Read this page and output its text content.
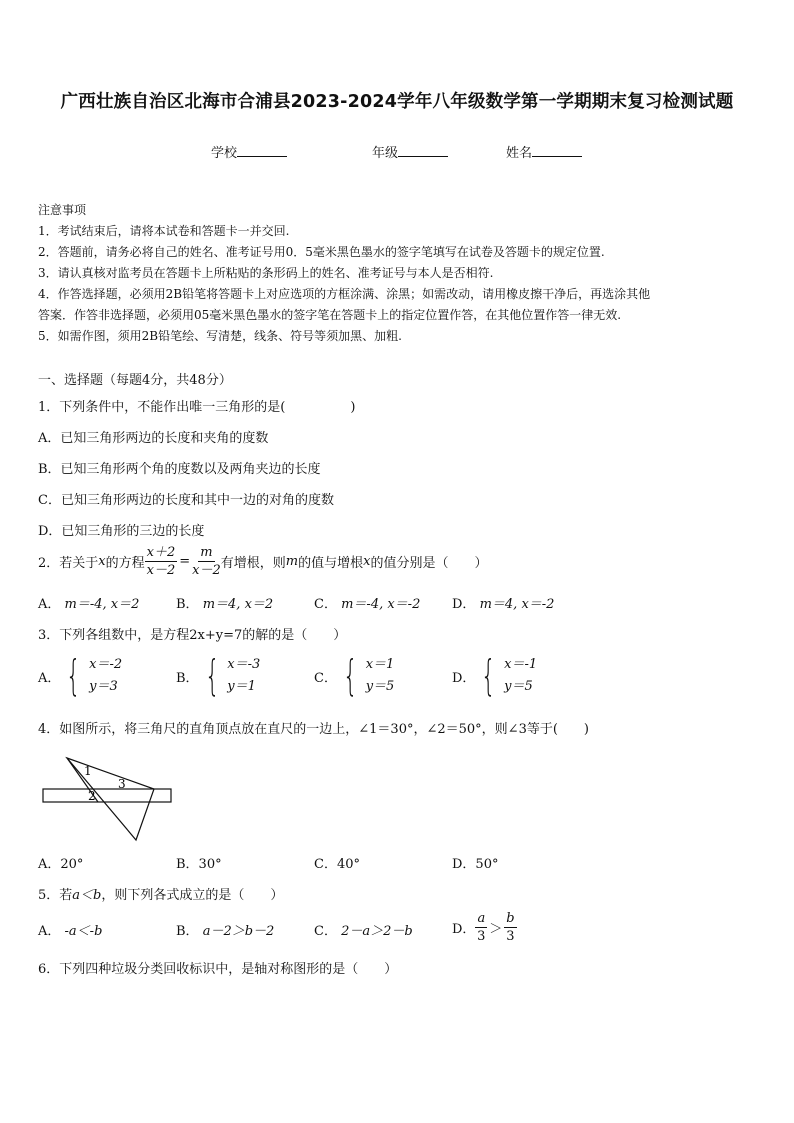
广西壮族自治区北海市合浦县2023-2024学年八年级数学第一学期期末复习检测试题
学校	年级	姓名
注意事项
1．考试结束后，请将本试卷和答题卡一并交回.
2．答题前，请务必将自己的姓名、准考证号用0．5毫米黑色墨水的签字笔填写在试卷及答题卡的规定位置.
3．请认真核对监考员在答题卡上所粘贴的条形码上的姓名、准考证号与本人是否相符.
4．作答选择题，必须用2B铅笔将答题卡上对应选项的方框涂满、涂黑；如需改动，请用橡皮擦干净后，再选涂其他
答案．作答非选择题，必须用05毫米黑色墨水的签字笔在答题卡上的指定位置作答，在其他位置作答一律无效.
5．如需作图，须用2B铅笔绘、写清楚，线条、符号等须加黑、加粗.
一、选择题（每题4分，共48分）
1．下列条件中，不能作出唯一三角形的是(　　　　　)
A．已知三角形两边的长度和夹角的度数
B．已知三角形两个角的度数以及两角夹边的长度
C．已知三角形两边的长度和其中一边的对角的度数
D．已知三角形的三边的长度
2．若关于 x 的方程 $\frac{x+2}{x-2} = \frac{m}{x-2}$ 有增根，则 m 的值与增根 x 的值分别是（　　）
A． m＝-4, x＝2	B． m＝4, x＝2	C． m＝-4, x＝-2 D． m＝4, x＝-2
3．下列各组数中，是方程2x+y=7的解的是（　　）
A． { x＝-2
y＝3
B． { x＝-3
y＝1
C． { x＝1
y＝5
D． { x＝-1
y＝5
4．如图所示，将三角尺的直角顶点放在直尺的一边上，∠1＝30°，∠2＝50°，则∠3等于(　　)
1
2
3
A．20°	B．30°	C．40°	D．50°
5．若a＜b，则下列各式成立的是（　　）
A． -a＜-b	B． a－2＞b－2	C． 2－a＞2－b	D． $\frac{a}{3} > \frac{b}{3}$
6．下列四种垃圾分类回收标识中，是轴对称图形的是（　　）
